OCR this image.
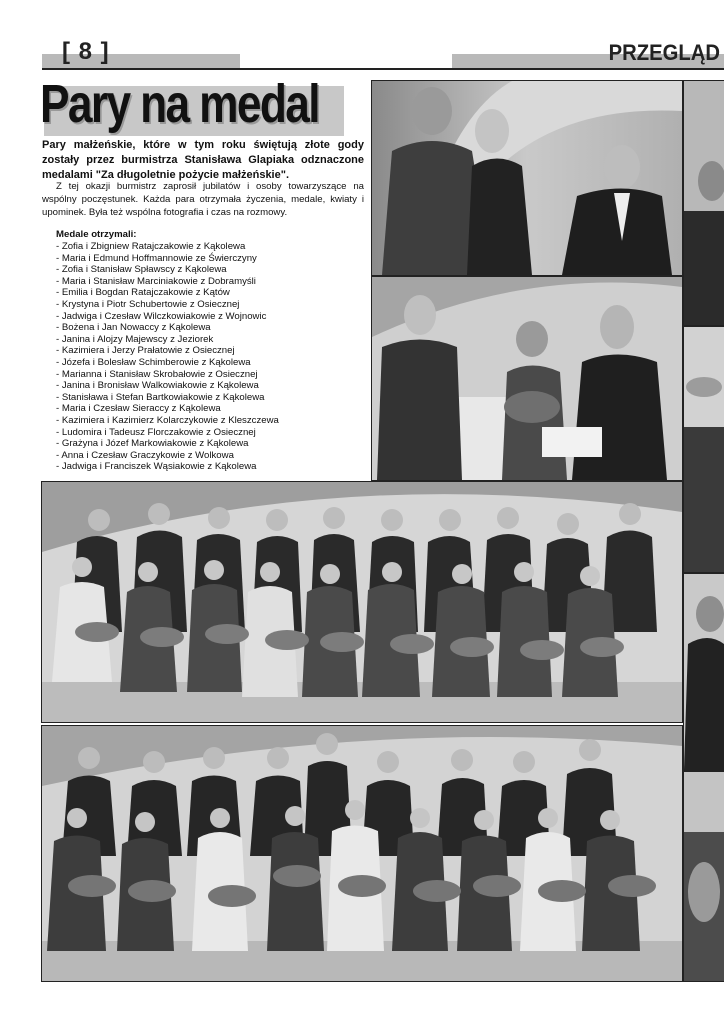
[ 8 ]	PRZEGLĄD
Pary na medal

Pary małżeńskie, które w tym roku świętują złote gody zostały przez burmistrza Stanisława Glapiaka odznaczone medalami "Za długoletnie pożycie małżeńskie".

Z tej okazji burmistrz zaprosił jubilatów i osoby towarzyszące na wspólny poczęstunek. Każda para otrzymała życzenia, medale, kwiaty i upominek. Była też wspólna fotografia i czas na rozmowy.

Medale otrzymali:

- Zofia i Zbigniew Ratajczakowie z Kąkolewa
- Maria i Edmund Hoffmannowie ze Świerczyny
- Zofia i Stanisław Spławscy z Kąkolewa
- Maria i Stanisław Marciniakowie z Dobramyśli
- Emilia i Bogdan Ratajczakowie z Kątów
- Krystyna i Piotr Schubertowie z Osiecznej
- Jadwiga i Czesław Wilczkowiakowie z Wojnowic
- Bożena i Jan Nowaccy z Kąkolewa
- Janina i Alojzy Majewscy z Jeziorek
- Kazimiera i Jerzy Prałatowie z Osiecznej
- Józefa i Bolesław Schimberowie z Kąkolewa
- Marianna i Stanisław Skrobałowie z Osiecznej
- Janina i Bronisław Walkowiakowie z Kąkolewa
- Stanisława i Stefan Bartkowiakowie z Kąkolewa
- Maria i Czesław Sieraccy z Kąkolewa
- Kazimiera i Kazimierz Kolarczykowie z Kleszczewa
- Ludomira i Tadeusz Florczakowie z Osiecznej
- Grażyna i Józef Markowiakowie z Kąkolewa
- Anna i Czesław Graczykowie z Wolkowa
- Jadwiga i Franciszek Wąsiakowie z Kąkolewa
